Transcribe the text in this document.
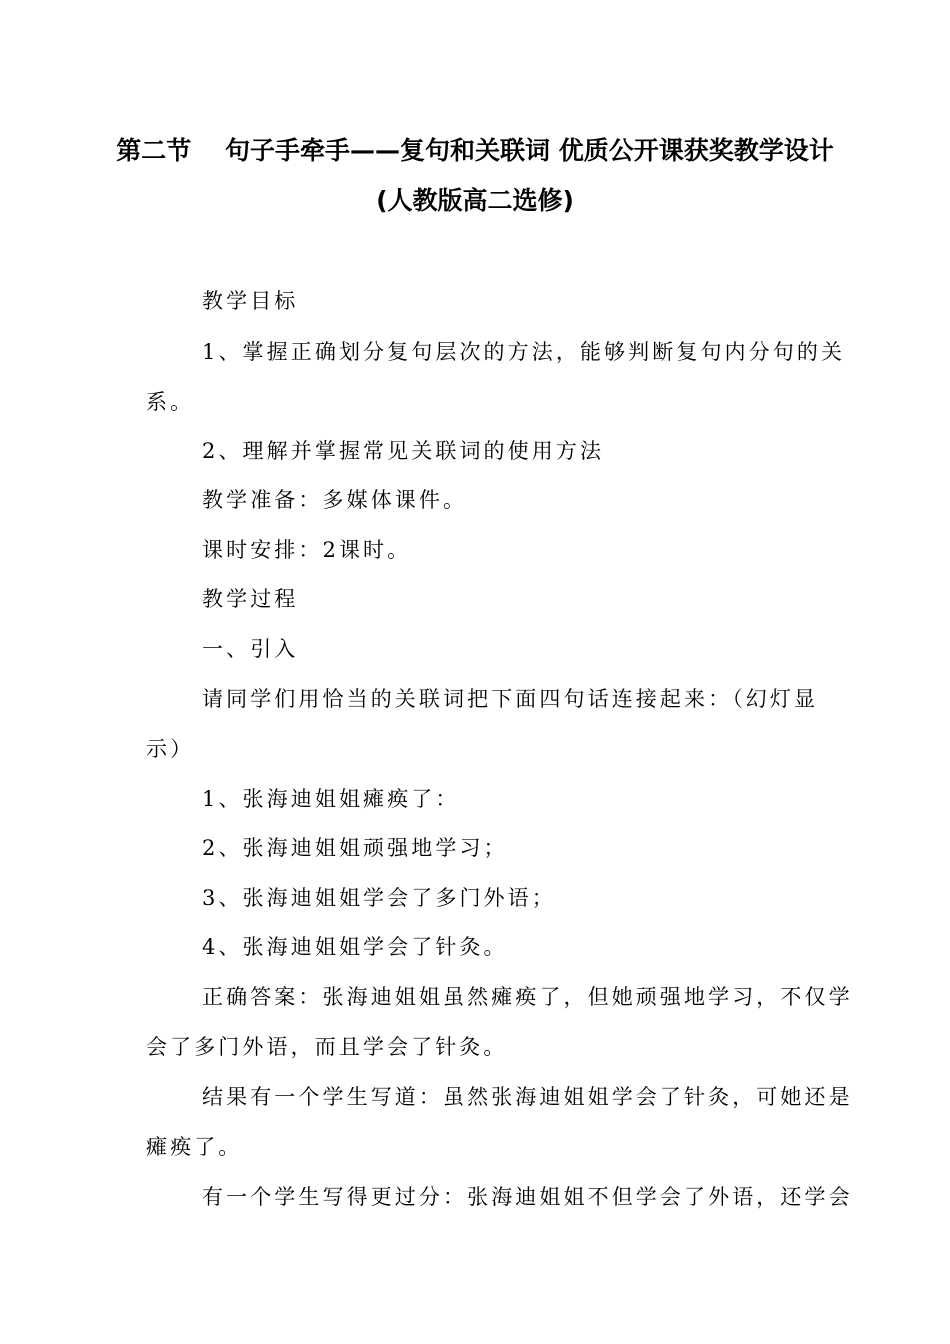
第二节　 句子手牵手——复句和关联词 优质公开课获奖教学设计
(人教版高二选修)
教学目标
1、掌握正确划分复句层次的方法，能够判断复句内分句的关
系。
2、理解并掌握常见关联词的使用方法
教学准备：多媒体课件。
课时安排：2课时。
教学过程
一、引入
请同学们用恰当的关联词把下面四句话连接起来：（幻灯显
示）
1、张海迪姐姐瘫痪了：
2、张海迪姐姐顽强地学习；
3、张海迪姐姐学会了多门外语；
4、张海迪姐姐学会了针灸。
正确答案：张海迪姐姐虽然瘫痪了，但她顽强地学习，不仅学
会了多门外语，而且学会了针灸。
结果有一个学生写道：虽然张海迪姐姐学会了针灸，可她还是
瘫痪了。
有一个学生写得更过分：张海迪姐姐不但学会了外语，还学会
